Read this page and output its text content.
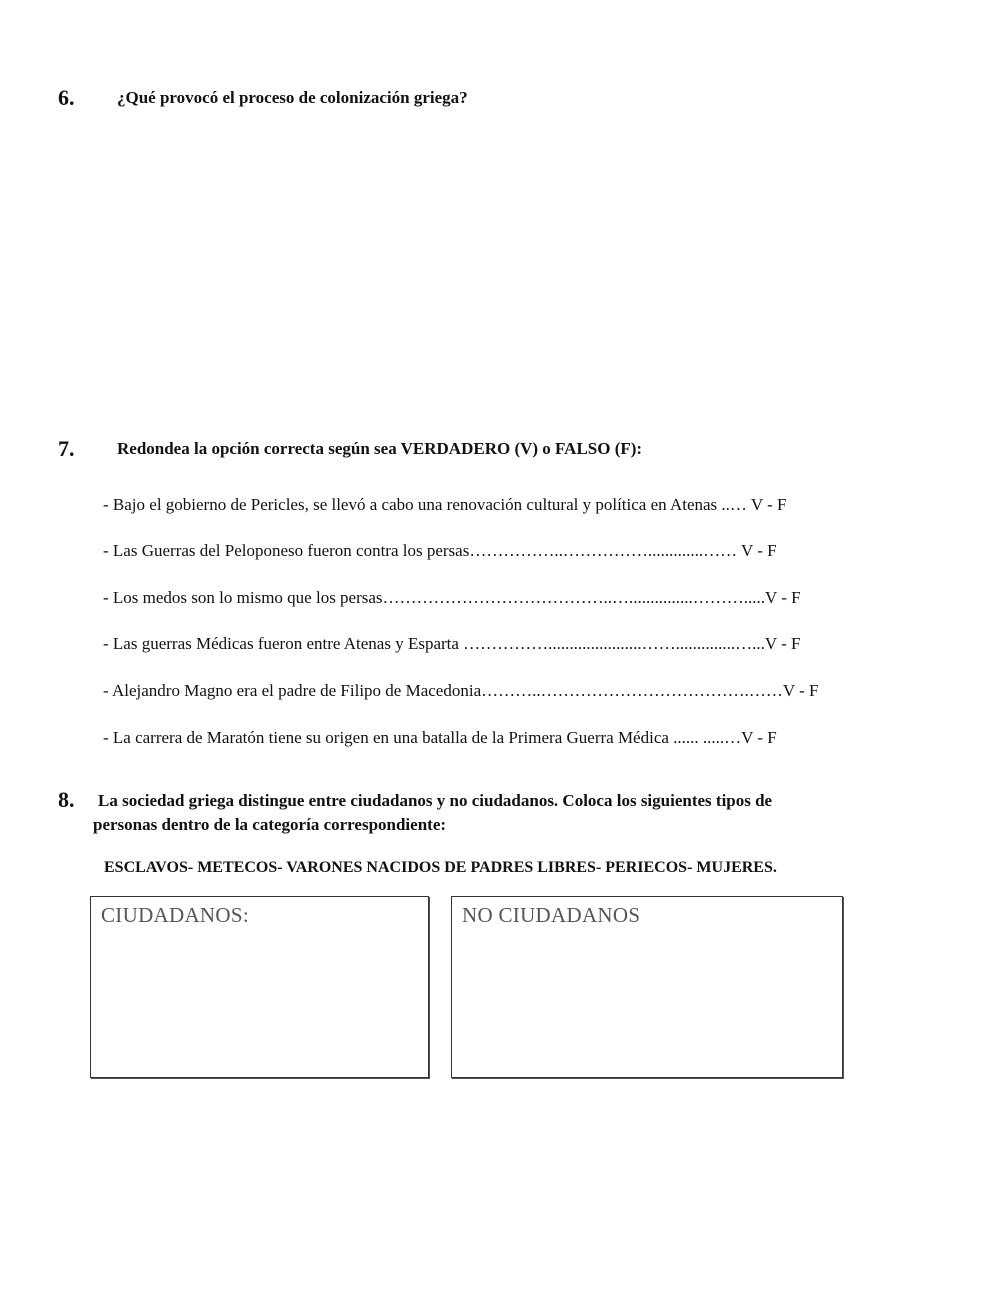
6.	¿Qué provocó el proceso de colonización griega?
7.	Redondea la opción correcta según sea VERDADERO (V) o FALSO (F):
- Bajo el gobierno de Pericles, se llevó a cabo una renovación cultural y política en Atenas ..… V - F
- Las Guerras del Peloponeso fueron contra los persas……………..…………….............…… V - F
- Los medos son lo mismo que los persas…………………………………..…...............……….....V - F
- Las guerras Médicas fueron entre Atenas y Esparta ……………......................……..............…...V - F
- Alejandro Magno era el padre de Filipo de Macedonia………..……………………………….……V - F
- La carrera de Maratón tiene su origen en una batalla de la Primera Guerra Médica ...... .....…V - F
8. La sociedad griega distingue entre ciudadanos y no ciudadanos. Coloca los siguientes tipos de
personas dentro de la categoría correspondiente:
ESCLAVOS- METECOS- VARONES NACIDOS DE PADRES LIBRES- PERIECOS- MUJERES.
CIUDADANOS:	NO CIUDADANOS
